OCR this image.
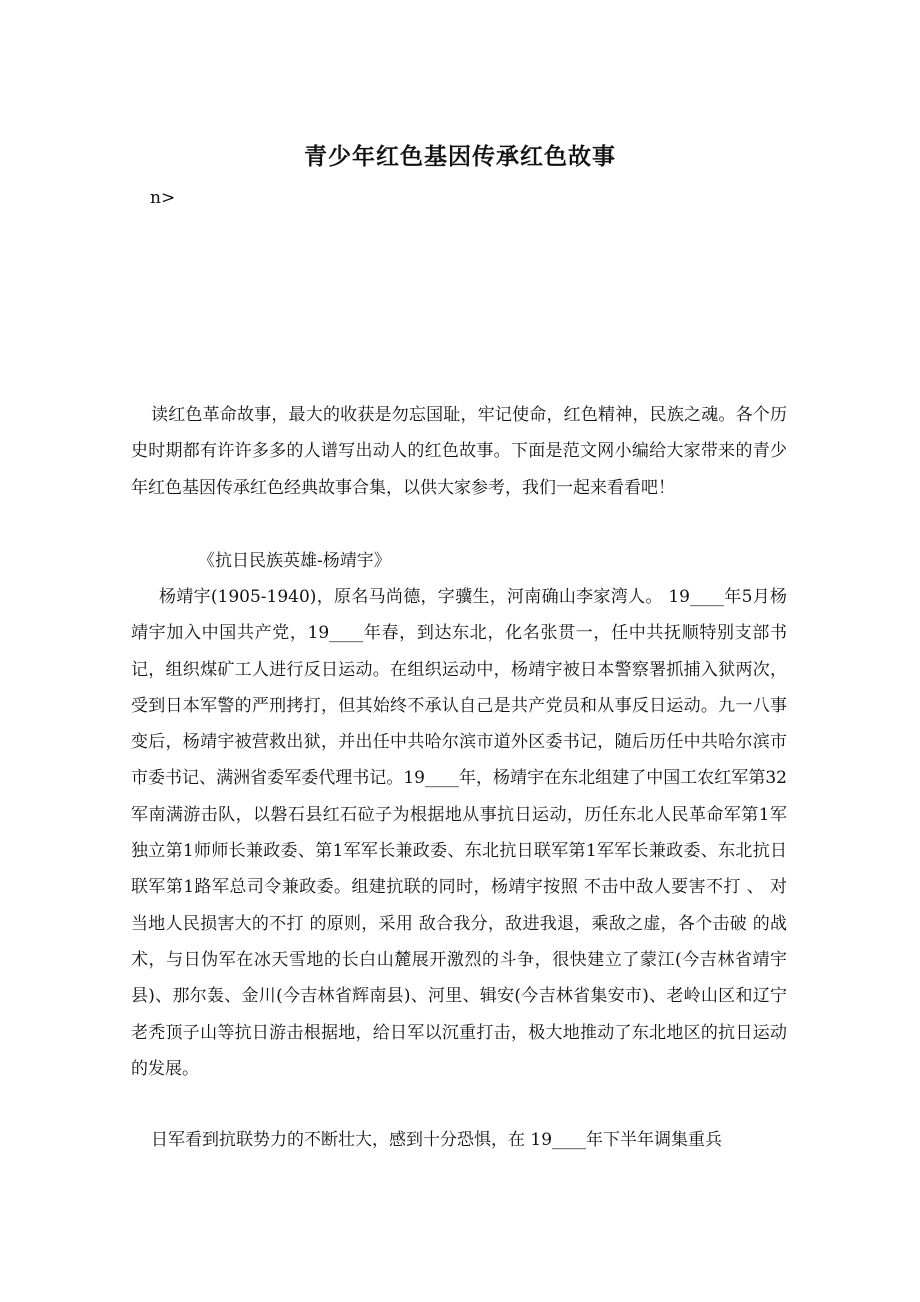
青少年红色基因传承红色故事

n>

读红色革命故事，最大的收获是勿忘国耻，牢记使命，红色精神，民族之魂。各个历史时期都有许许多多的人谱写出动人的红色故事。下面是范文网小编给大家带来的青少年红色基因传承红色经典故事合集，以供大家参考，我们一起来看看吧！

《抗日民族英雄-杨靖宇》

杨靖宇(1905-1940)，原名马尚德，字骥生，河南确山李家湾人。 19____年5月杨靖宇加入中国共产党，19____年春，到达东北，化名张贯一，任中共抚顺特别支部书记，组织煤矿工人进行反日运动。在组织运动中，杨靖宇被日本警察署抓捕入狱两次，受到日本军警的严刑拷打，但其始终不承认自己是共产党员和从事反日运动。九一八事变后，杨靖宇被营救出狱，并出任中共哈尔滨市道外区委书记，随后历任中共哈尔滨市市委书记、满洲省委军委代理书记。19____年，杨靖宇在东北组建了中国工农红军第32军南满游击队，以磐石县红石砬子为根据地从事抗日运动，历任东北人民革命军第1军独立第1师师长兼政委、第1军军长兼政委、东北抗日联军第1军军长兼政委、东北抗日联军第1路军总司令兼政委。组建抗联的同时，杨靖宇按照 不击中敌人要害不打 、 对当地人民损害大的不打 的原则，采用 敌合我分，敌进我退，乘敌之虚，各个击破 的战术，与日伪军在冰天雪地的长白山麓展开激烈的斗争，很快建立了蒙江(今吉林省靖宇县)、那尔轰、金川(今吉林省辉南县)、河里、辑安(今吉林省集安市)、老岭山区和辽宁老秃顶子山等抗日游击根据地，给日军以沉重打击，极大地推动了东北地区的抗日运动的发展。

日军看到抗联势力的不断壮大，感到十分恐惧，在 19____年下半年调集重兵
